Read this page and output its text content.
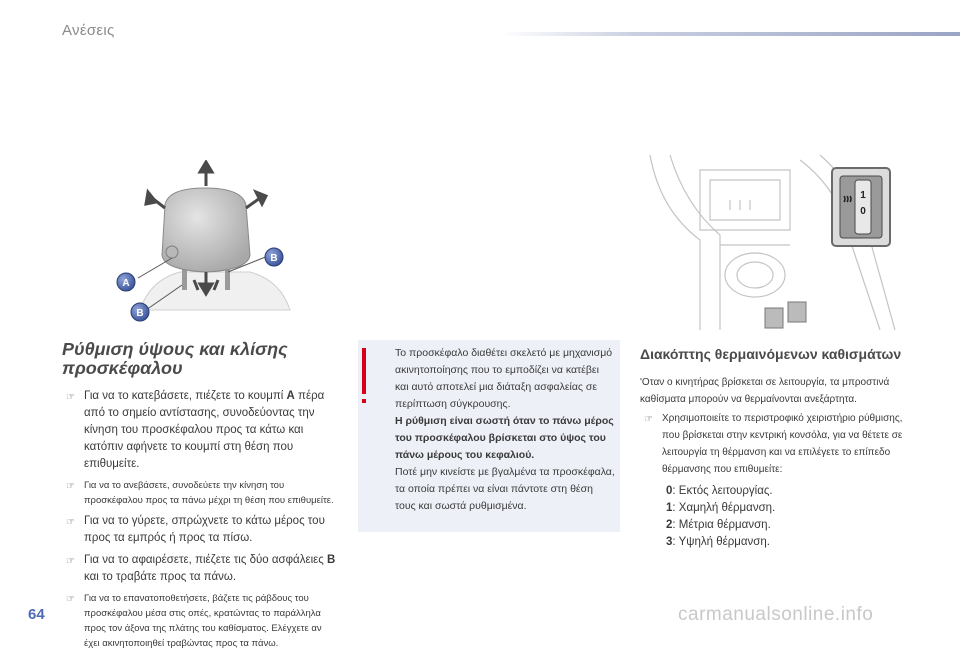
Ανέσεις
A
B
B
Ρύθμιση ύψους και κλίσης προσκέφαλου
☞ Για να το κατεβάσετε, πιέζετε το κουμπί A πέρα από το σημείο αντίστασης, συνοδεύοντας την κίνηση του προσκέφαλου προς τα κάτω και κατόπιν αφήνετε το κουμπί στη θέση που επιθυμείτε.
☞ Για να το ανεβάσετε, συνοδεύετε την κίνηση του προσκέφαλου προς τα πάνω μέχρι τη θέση που επιθυμείτε.
☞ Για να το γύρετε, σπρώχνετε το κάτω μέρος του προς τα εμπρός ή προς τα πίσω.
☞ Για να το αφαιρέσετε, πιέζετε τις δύο ασφάλειες B και το τραβάτε προς τα πάνω.
☞ Για να το επανατοποθετήσετε, βάζετε τις ράβδους του προσκέφαλου μέσα στις οπές, κρατώντας το παράλληλα προς τον άξονα της πλάτης του καθίσματος. Ελέγχετε αν έχει ακινητοποιηθεί τραβώντας προς τα πάνω.
Το προσκέφαλο διαθέτει σκελετό με μηχανισμό ακινητοποίησης που το εμποδίζει να κατέβει και αυτό αποτελεί μια διάταξη ασφαλείας σε περίπτωση σύγκρουσης.
Η ρύθμιση είναι σωστή όταν το πάνω μέρος του προσκέφαλου βρίσκεται στο ύψος του πάνω μέρους του κεφαλιού.
Ποτέ μην κινείστε με βγαλμένα τα προσκέφαλα, τα οποία πρέπει να είναι πάντοτε στη θέση τους και σωστά ρυθμισμένα.
1
0
Διακόπτης θερμαινόμενων καθισμάτων
'Οταν ο κινητήρας βρίσκεται σε λειτουργία, τα μπροστινά καθίσματα μπορούν να θερμαίνονται ανεξάρτητα.
☞ Χρησιμοποιείτε το περιστροφικό χειριστήριο ρύθμισης, που βρίσκεται στην κεντρική κονσόλα, για να θέτετε σε λειτουργία τη θέρμανση και να επιλέγετε το επίπεδο θέρμανσης που επιθυμείτε:
0: Εκτός λειτουργίας.
1: Χαμηλή θέρμανση.
2: Μέτρια θέρμανση.
3: Υψηλή θέρμανση.
64	carmanualsonline.info
